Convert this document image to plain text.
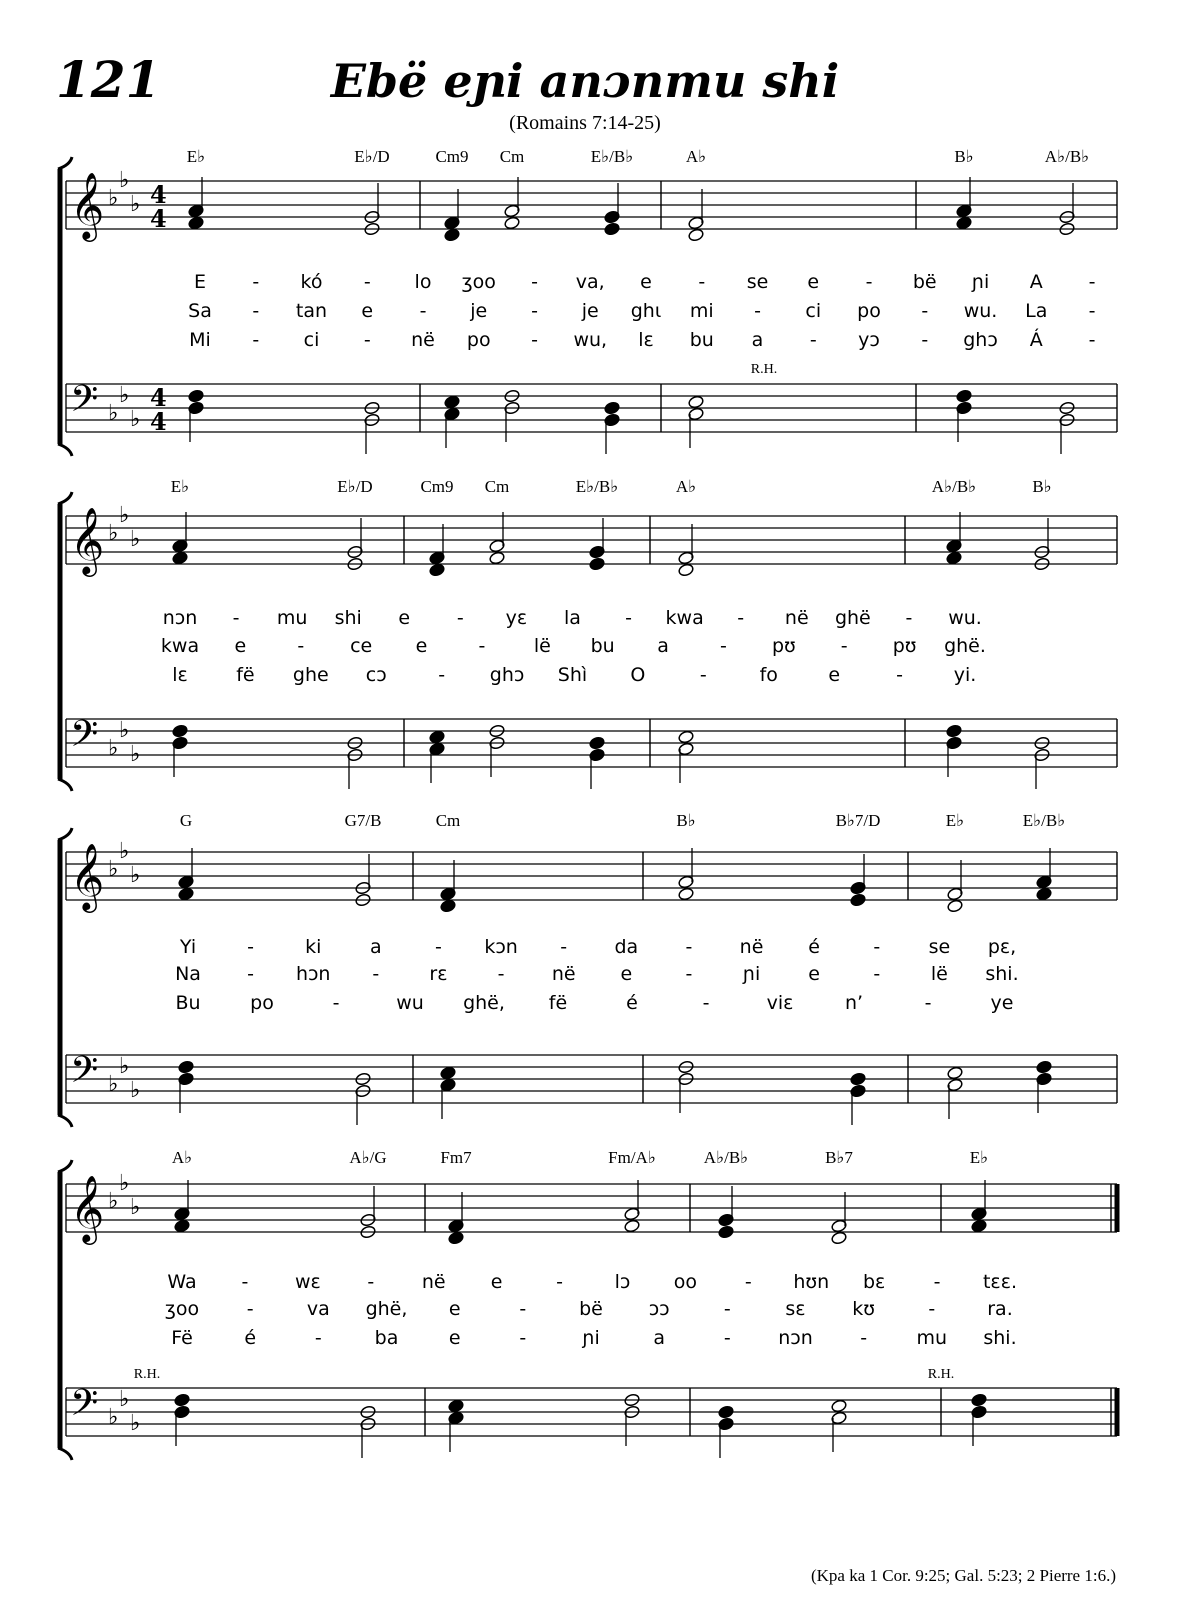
121	Ebë eɲi anɔnmu shi
(Romains 7:14-25)
𝄞
𝄢
♭
♭
♭
♭
♭
♭
4
4
4
4
E♭	E♭/D	Cm9 Cm	E♭/B♭	A♭	B♭	A♭/B♭
R.H.
E - kó - lo ʒoo - va, e - se e - bë ɲi A -
Sa - tan e - je - je ghɩ mi - ci po - wu. La -
Mi - ci - në po - wu, lɛ bu a - yɔ - ghɔ Á -
𝄞
𝄢
♭
♭
♭
♭
♭
♭
E♭	E♭/D	Cm9 Cm	E♭/B♭	A♭	A♭/B♭	B♭
nɔn - mu shi e - yɛ la - kwa - në ghë - wu.
kwa e	- ce e	-	lë bu a	- pʊ - pʊ ghë.
lɛ	fë ghe cɔ	- ghɔ Shì O	-	fo	e	-	yi.
𝄞
𝄢
♭
♭
♭
♭
♭
♭
G	G7/B	Cm	B♭	B♭7/D	E♭	E♭/B♭
Yi	-	ki	a	- kɔn - da - në é	-	se pɛ,
Na - hɔn -	rɛ	- në e	-	ɲi	e	-	lë shi.
Bu	po	-	wu ghë, fë	é	-	viɛ	n’	-	ye
𝄞
𝄢
♭
♭
♭
♭
♭
♭
A♭	A♭/G	Fm7	Fm/A♭	A♭/B♭	B♭7	E♭
R.H.	R.H.
Wa - wɛ -	në e	-	lɔ oo	- hʊn bɛ	- tɛɛ.
ʒoo	-	va ghë, e	-	bë ɔɔ	-	sɛ kʊ	-	ra.
Fë	é	-	ba	e	-	ɲi	a	- nɔn -	mu shi.
(Kpa ka 1 Cor. 9:25; Gal. 5:23; 2 Pierre 1:6.)
